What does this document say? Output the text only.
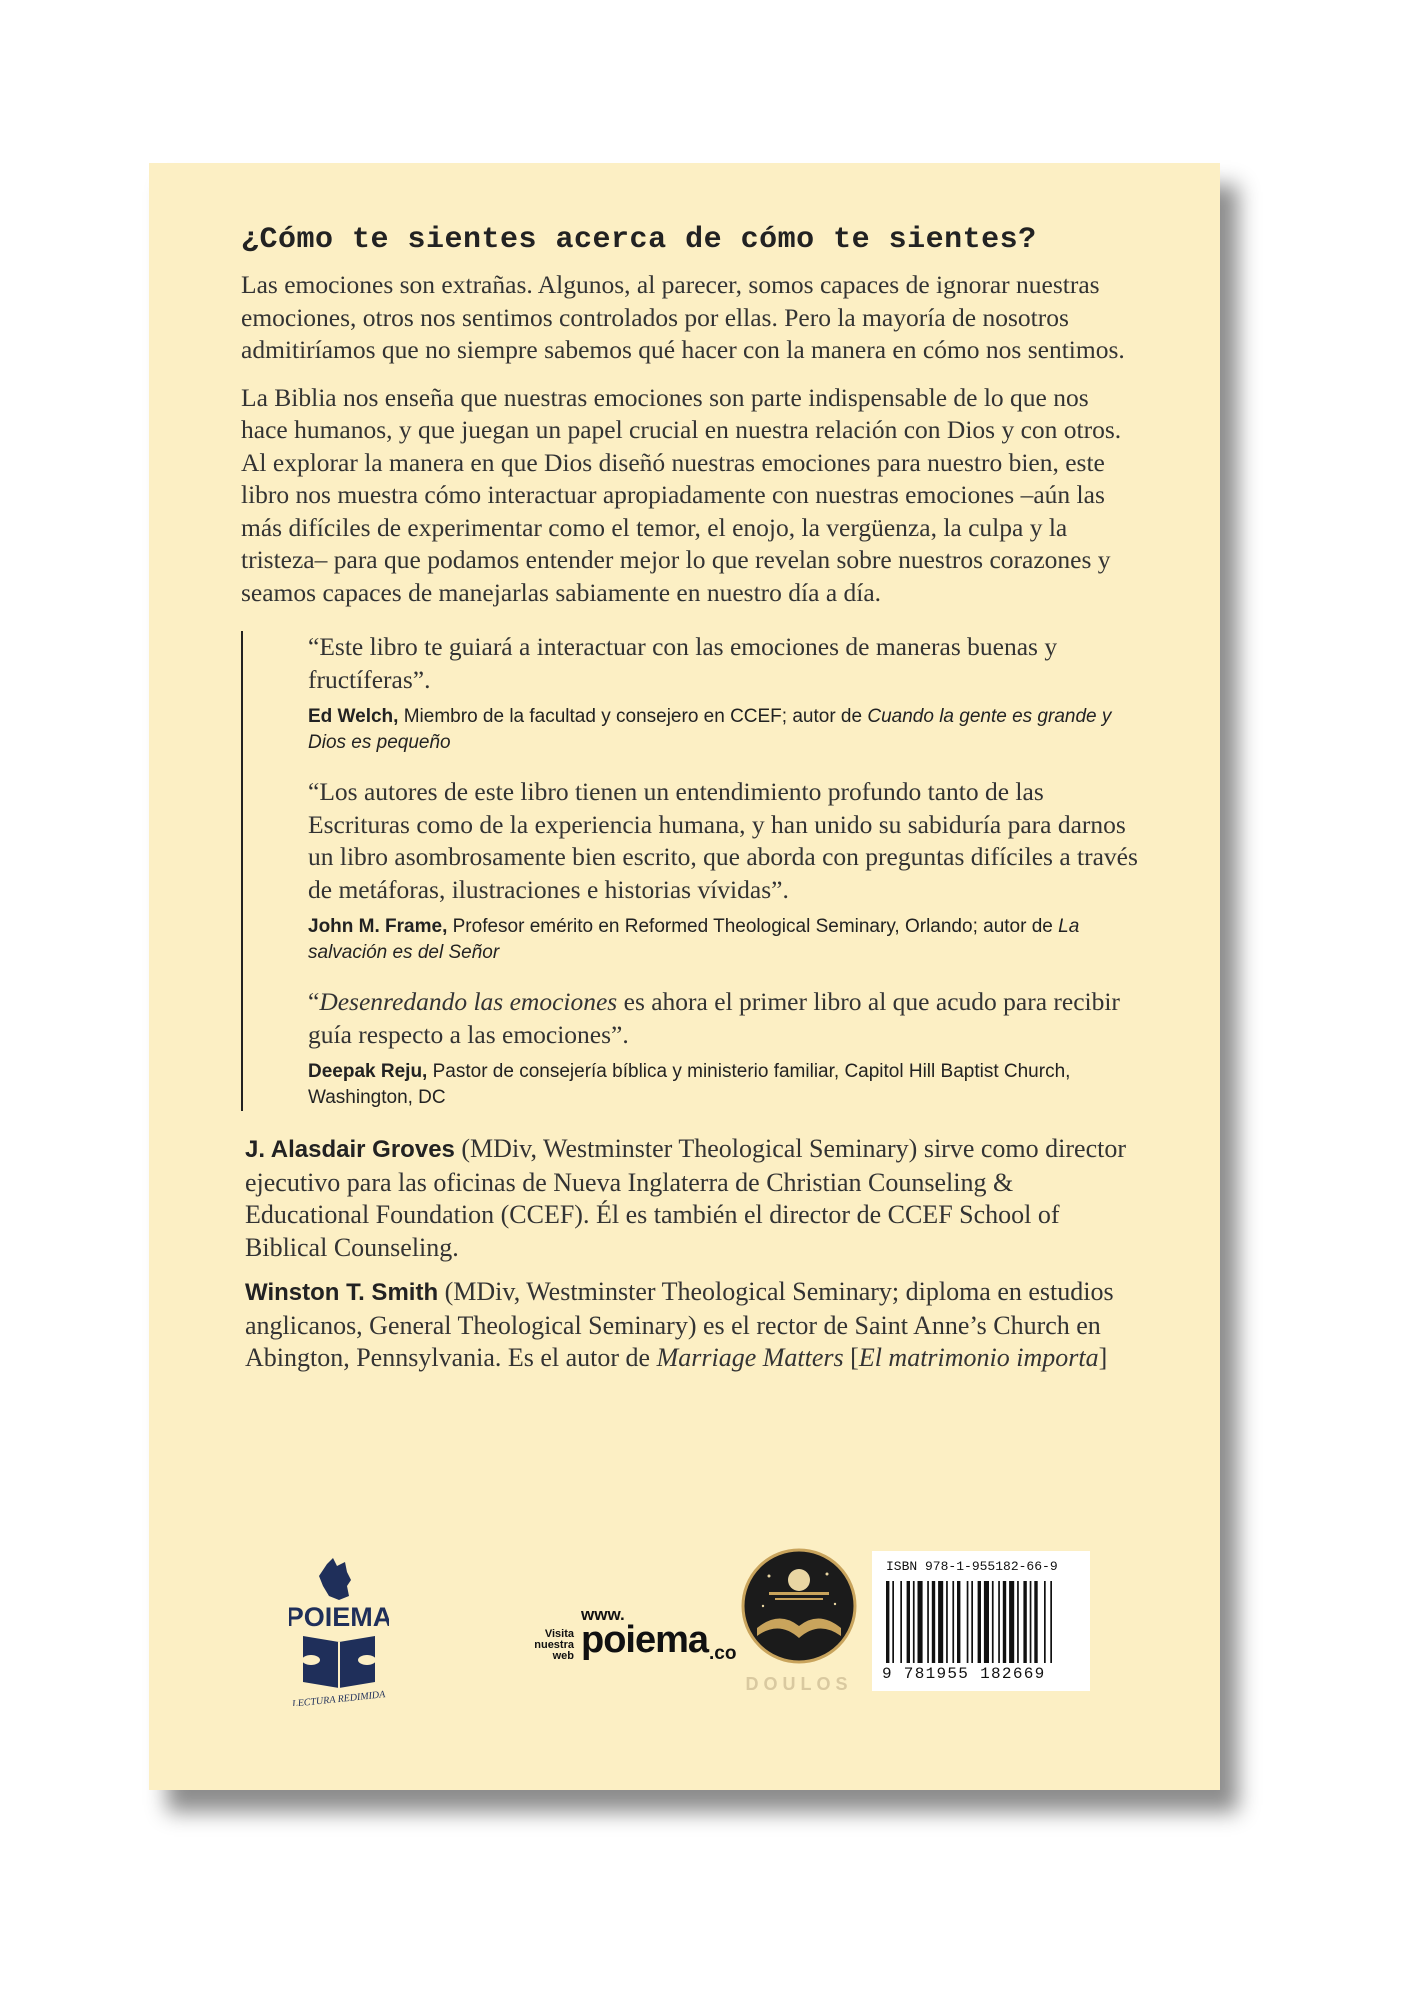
¿Cómo te sientes acerca de cómo te sientes?

Las emociones son extrañas. Algunos, al parecer, somos capaces de ignorar nuestras emociones, otros nos sentimos controlados por ellas. Pero la mayoría de nosotros admitiríamos que no siempre sabemos qué hacer con la manera en cómo nos sentimos.

La Biblia nos enseña que nuestras emociones son parte indispensable de lo que nos hace humanos, y que juegan un papel crucial en nuestra relación con Dios y con otros. Al explorar la manera en que Dios diseñó nuestras emociones para nuestro bien, este libro nos muestra cómo interactuar apropiadamente con nuestras emociones –aún las más difíciles de experimentar como el temor, el enojo, la vergüenza, la culpa y la tristeza– para que podamos entender mejor lo que revelan sobre nuestros corazones y seamos capaces de manejarlas sabiamente en nuestro día a día.

“Este libro te guiará a interactuar con las emociones de maneras buenas y fructíferas”.

Ed Welch, Miembro de la facultad y consejero en CCEF; autor de Cuando la gente es grande y Dios es pequeño

“Los autores de este libro tienen un entendimiento profundo tanto de las Escrituras como de la experiencia humana, y han unido su sabiduría para darnos un libro asombrosamente bien escrito, que aborda con preguntas difíciles a través de metáforas, ilustraciones e historias vívidas”.

John M. Frame, Profesor emérito en Reformed Theological Seminary, Orlando; autor de La salvación es del Señor

“Desenredando las emociones es ahora el primer libro al que acudo para recibir guía respecto a las emociones”.

Deepak Reju, Pastor de consejería bíblica y ministerio familiar, Capitol Hill Baptist Church, Washington, DC

J. Alasdair Groves (MDiv, Westminster Theological Seminary) sirve como director ejecutivo para las oficinas de Nueva Inglaterra de Christian Counseling & Educational Foundation (CCEF). Él es también el director de CCEF School of Biblical Counseling.

Winston T. Smith (MDiv, Westminster Theological Seminary; diploma en estudios anglicanos, General Theological Seminary) es el rector de Saint Anne’s Church en Abington, Pennsylvania. Es el autor de Marriage Matters [El matrimonio importa]

POIEMA
LECTURA REDIMIDA
Visita nuestra web
www.
poiema .co
DOULOS
ISBN 978-1-955182-66-9
9 781955 182669
